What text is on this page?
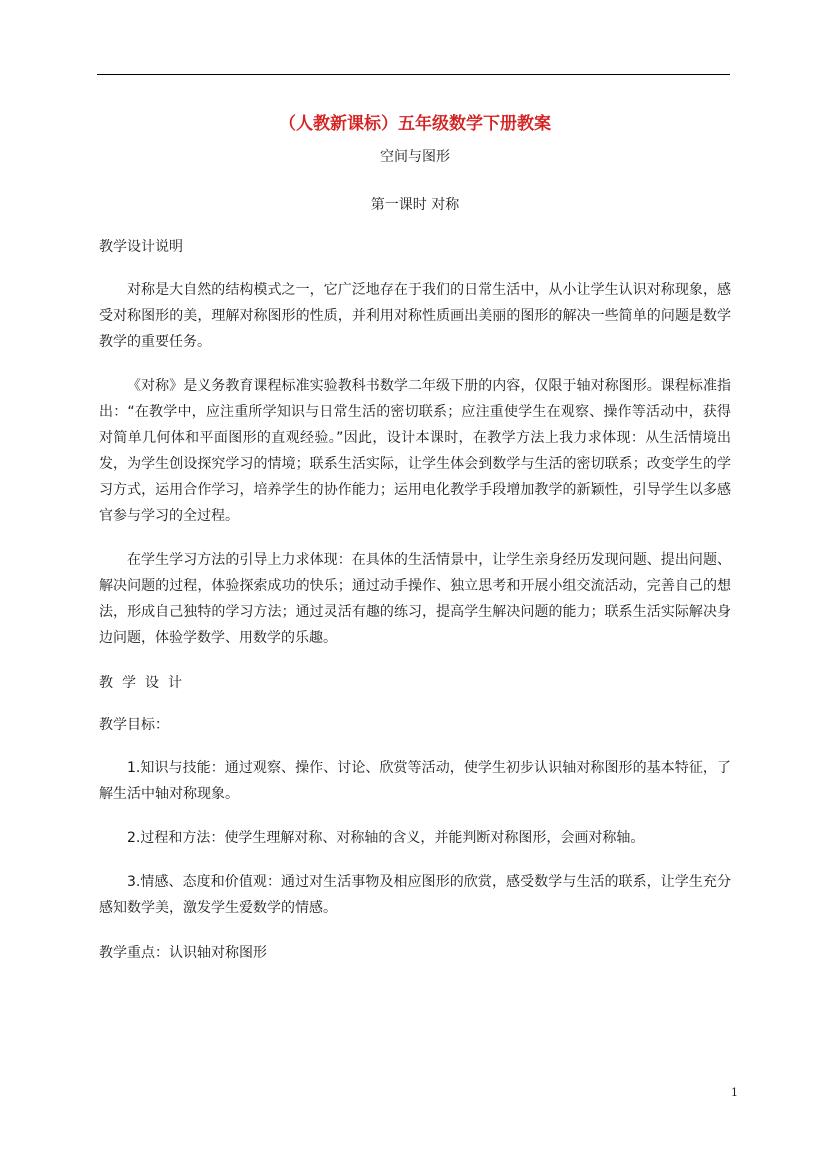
（人教新课标）五年级数学下册教案

空间与图形

第一课时 对称

教学设计说明

对称是大自然的结构模式之一，它广泛地存在于我们的日常生活中，从小让学生认识对称现象，感受对称图形的美，理解对称图形的性质，并利用对称性质画出美丽的图形的解决一些简单的问题是数学教学的重要任务。

《对称》是义务教育课程标准实验教科书数学二年级下册的内容，仅限于轴对称图形。课程标准指出：“在教学中，应注重所学知识与日常生活的密切联系；应注重使学生在观察、操作等活动中，获得对简单几何体和平面图形的直观经验。”因此，设计本课时，在教学方法上我力求体现：从生活情境出发，为学生创设探究学习的情境；联系生活实际，让学生体会到数学与生活的密切联系；改变学生的学习方式，运用合作学习，培养学生的协作能力；运用电化教学手段增加教学的新颖性，引导学生以多感官参与学习的全过程。

在学生学习方法的引导上力求体现：在具体的生活情景中，让学生亲身经历发现问题、提出问题、解决问题的过程，体验探索成功的快乐；通过动手操作、独立思考和开展小组交流活动，完善自己的想法，形成自己独特的学习方法；通过灵活有趣的练习，提高学生解决问题的能力；联系生活实际解决身边问题，体验学数学、用数学的乐趣。

教学设计

教学目标：

1.知识与技能：通过观察、操作、讨论、欣赏等活动，使学生初步认识轴对称图形的基本特征，了解生活中轴对称现象。

2.过程和方法：使学生理解对称、对称轴的含义，并能判断对称图形，会画对称轴。

3.情感、态度和价值观：通过对生活事物及相应图形的欣赏，感受数学与生活的联系，让学生充分感知数学美，激发学生爱数学的情感。

教学重点：认识轴对称图形

1
